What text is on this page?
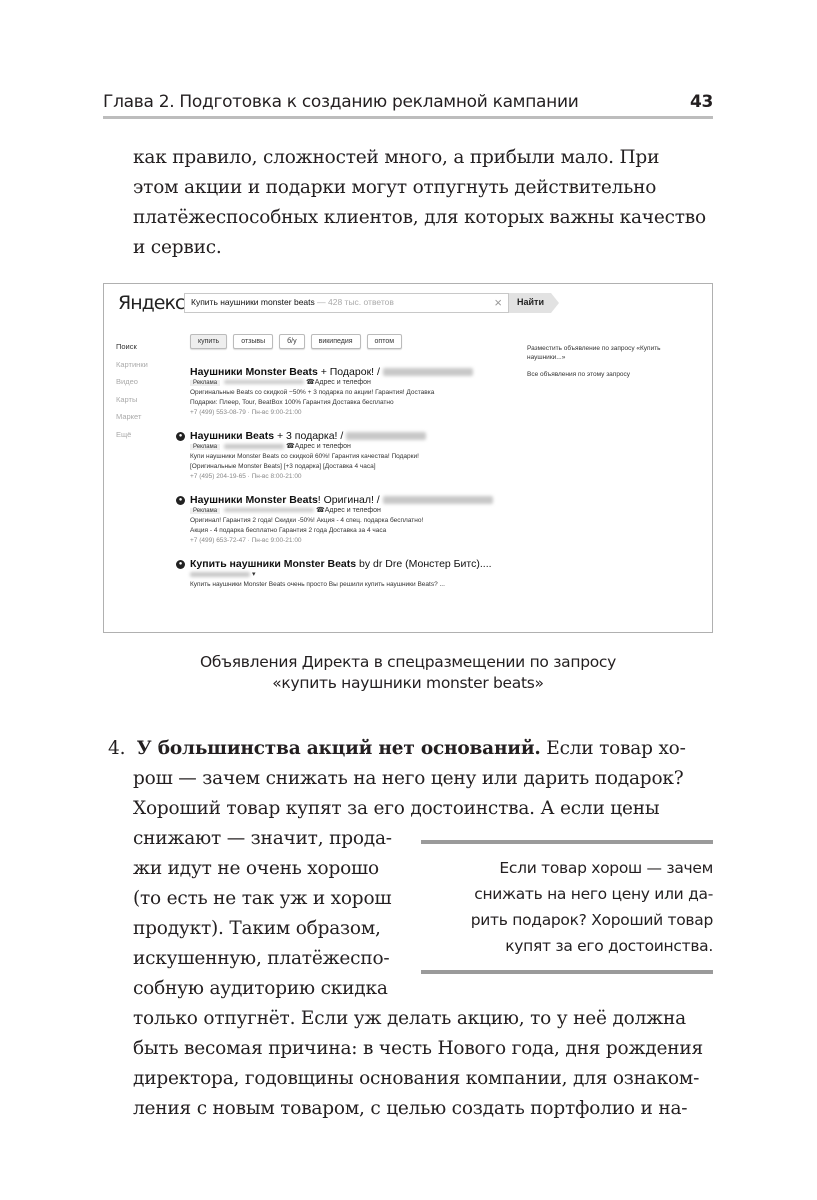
Глава 2. Подготовка к созданию рекламной кампании	43
как правило, сложностей много, а прибыли мало. При
этом акции и подарки могут отпугнуть действительно
платёжеспособных клиентов, для которых важны качество
и сервис.
Яндекс Купить наушники monster beats — 428 тыс. ответов	×	Найти
Поиск
Картинки
Видео
Карты
Маркет
Ещё
купить	отзывы	б/у	википедия	оптом
Наушники Monster Beats + Подарок! /
Реклама	☎Адрес и телефон
Оригинальные Beats со скидкой −50% + 3 подарка по акции! Гарантия! Доставка
Подарки: Плеер, Tour, BeatBox 100% Гарантия Доставка бесплатно
+7 (499) 553-08-79 · Пн-вс 9:00-21:00
● Наушники Beats + 3 подарка! /
Реклама	☎Адрес и телефон
Купи наушники Monster Beats со скидкой 60%! Гарантия качества! Подарки!
[Оригинальные Monster Beats] [+3 подарка] [Доставка 4 часа]
+7 (495) 204-19-65 · Пн-вс 8:00-21:00
● Наушники Monster Beats! Оригинал! /
Реклама	☎Адрес и телефон
Оригинал! Гарантия 2 года! Скидки -50%! Акция - 4 спец. подарка бесплатно!
Акция - 4 подарка бесплатно Гарантия 2 года Доставка за 4 часа
+7 (499) 653-72-47 · Пн-вс 9:00-21:00
● Купить наушники Monster Beats by dr Dre (Монстер Битс)....
▾
Купить наушники Monster Beats очень просто Вы решили купить наушники Beats? ...
Разместить объявление по запросу «Купить наушники...»
Все объявления по этому запросу
Объявления Директа в спецразмещении по запросу
«купить наушники monster beats»
4. У большинства акций нет оснований. Если товар хо-
рош — зачем снижать на него цену или дарить подарок?
Хороший товар купят за его достоинства. А если цены
снижают — значит, прода-
жи идут не очень хорошо
(то есть не так уж и хорош
продукт). Таким образом,
искушенную, платёжеспо-
собную аудиторию скидка
только отпугнёт. Если уж делать акцию, то у неё должна
быть весомая причина: в честь Нового года, дня рождения
директора, годовщины основания компании, для ознаком-
ления с новым товаром, с целью создать портфолио и на-
Если товар хорош — зачем
снижать на него цену или да-
рить подарок? Хороший товар
купят за его достоинства.
